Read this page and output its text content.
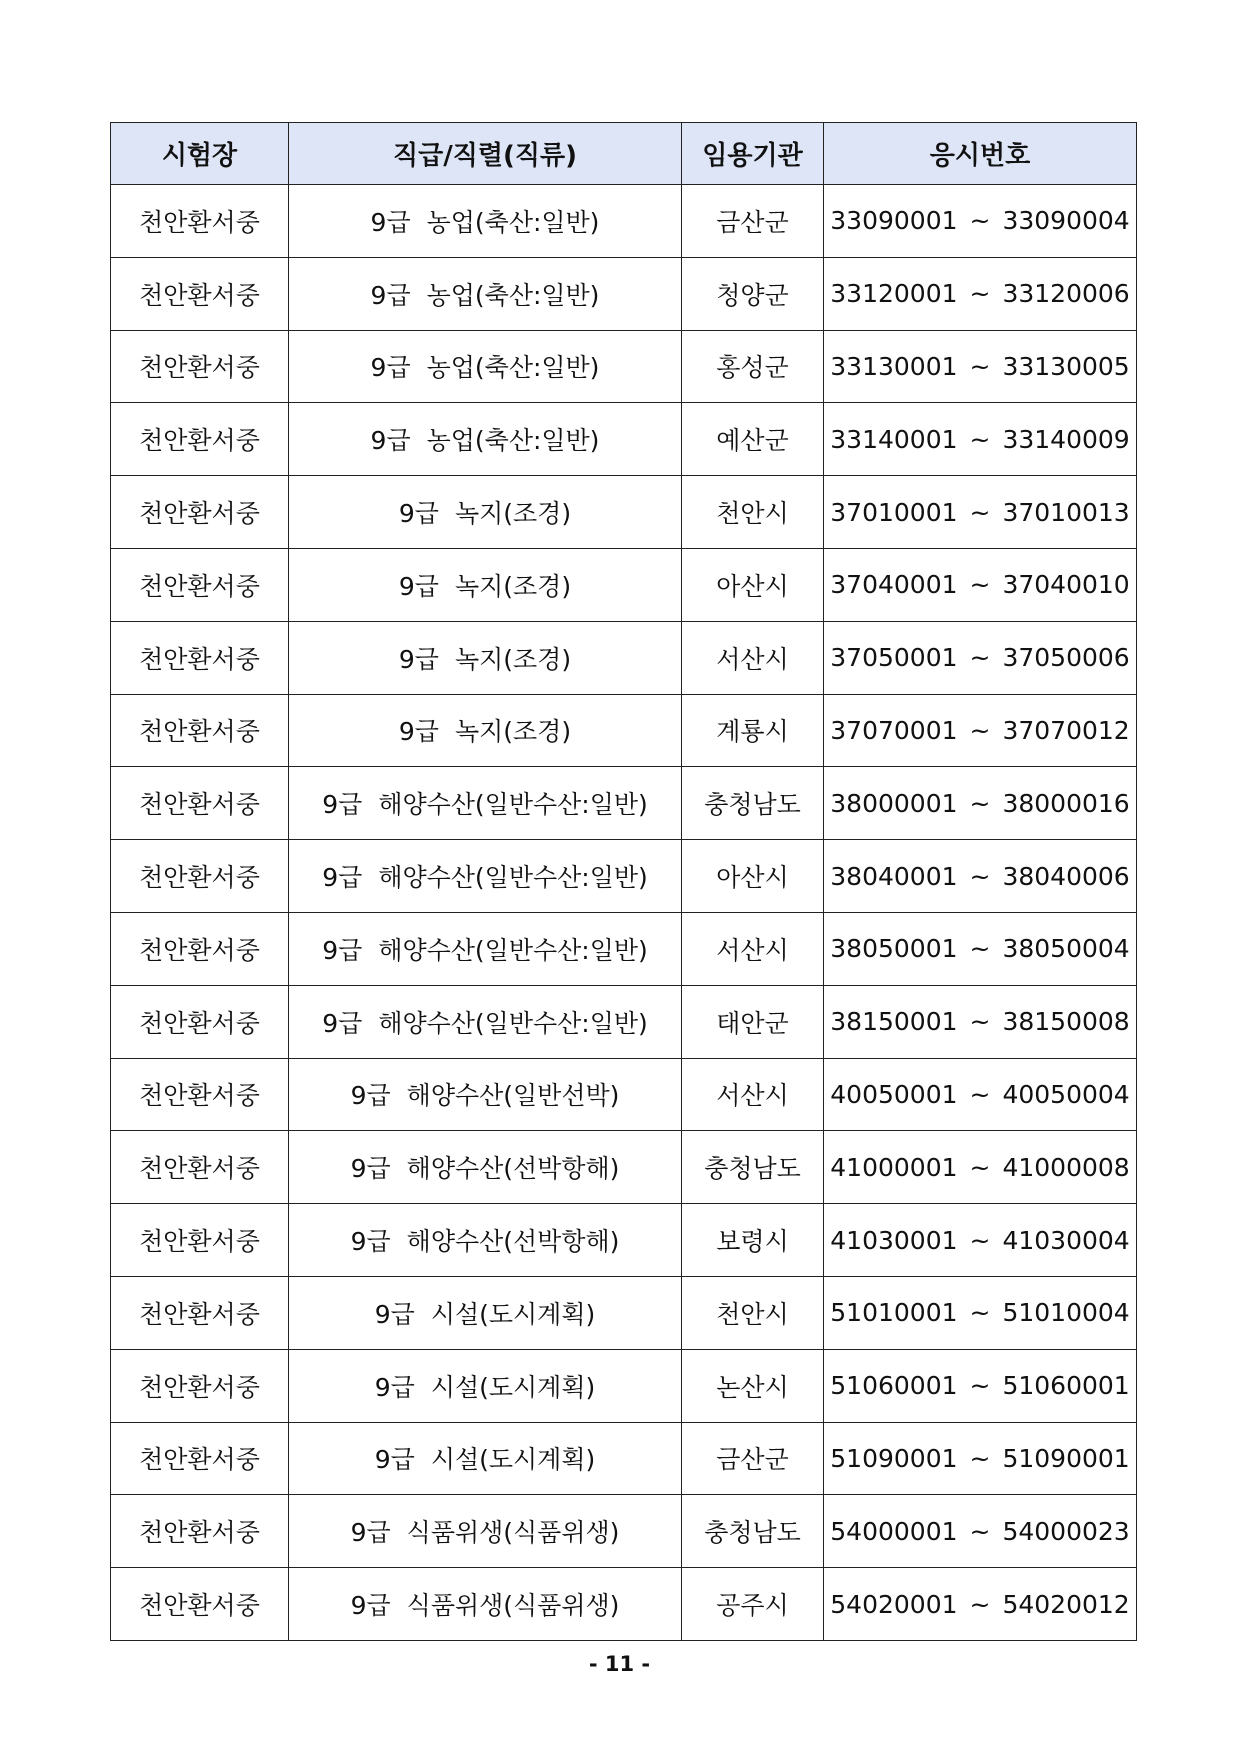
시험장	직급/직렬(직류)	임용기관	응시번호
천안환서중	9급 농업(축산:일반)	금산군	33090001 ~ 33090004
천안환서중	9급 농업(축산:일반)	청양군	33120001 ~ 33120006
천안환서중	9급 농업(축산:일반)	홍성군	33130001 ~ 33130005
천안환서중	9급 농업(축산:일반)	예산군	33140001 ~ 33140009
천안환서중	9급 녹지(조경)	천안시	37010001 ~ 37010013
천안환서중	9급 녹지(조경)	아산시	37040001 ~ 37040010
천안환서중	9급 녹지(조경)	서산시	37050001 ~ 37050006
천안환서중	9급 녹지(조경)	계룡시	37070001 ~ 37070012
천안환서중	9급 해양수산(일반수산:일반)	충청남도	38000001 ~ 38000016
천안환서중	9급 해양수산(일반수산:일반)	아산시	38040001 ~ 38040006
천안환서중	9급 해양수산(일반수산:일반)	서산시	38050001 ~ 38050004
천안환서중	9급 해양수산(일반수산:일반)	태안군	38150001 ~ 38150008
천안환서중	9급 해양수산(일반선박)	서산시	40050001 ~ 40050004
천안환서중	9급 해양수산(선박항해)	충청남도	41000001 ~ 41000008
천안환서중	9급 해양수산(선박항해)	보령시	41030001 ~ 41030004
천안환서중	9급 시설(도시계획)	천안시	51010001 ~ 51010004
천안환서중	9급 시설(도시계획)	논산시	51060001 ~ 51060001
천안환서중	9급 시설(도시계획)	금산군	51090001 ~ 51090001
천안환서중	9급 식품위생(식품위생)	충청남도	54000001 ~ 54000023
천안환서중	9급 식품위생(식품위생)	공주시	54020001 ~ 54020012
- 11 -
